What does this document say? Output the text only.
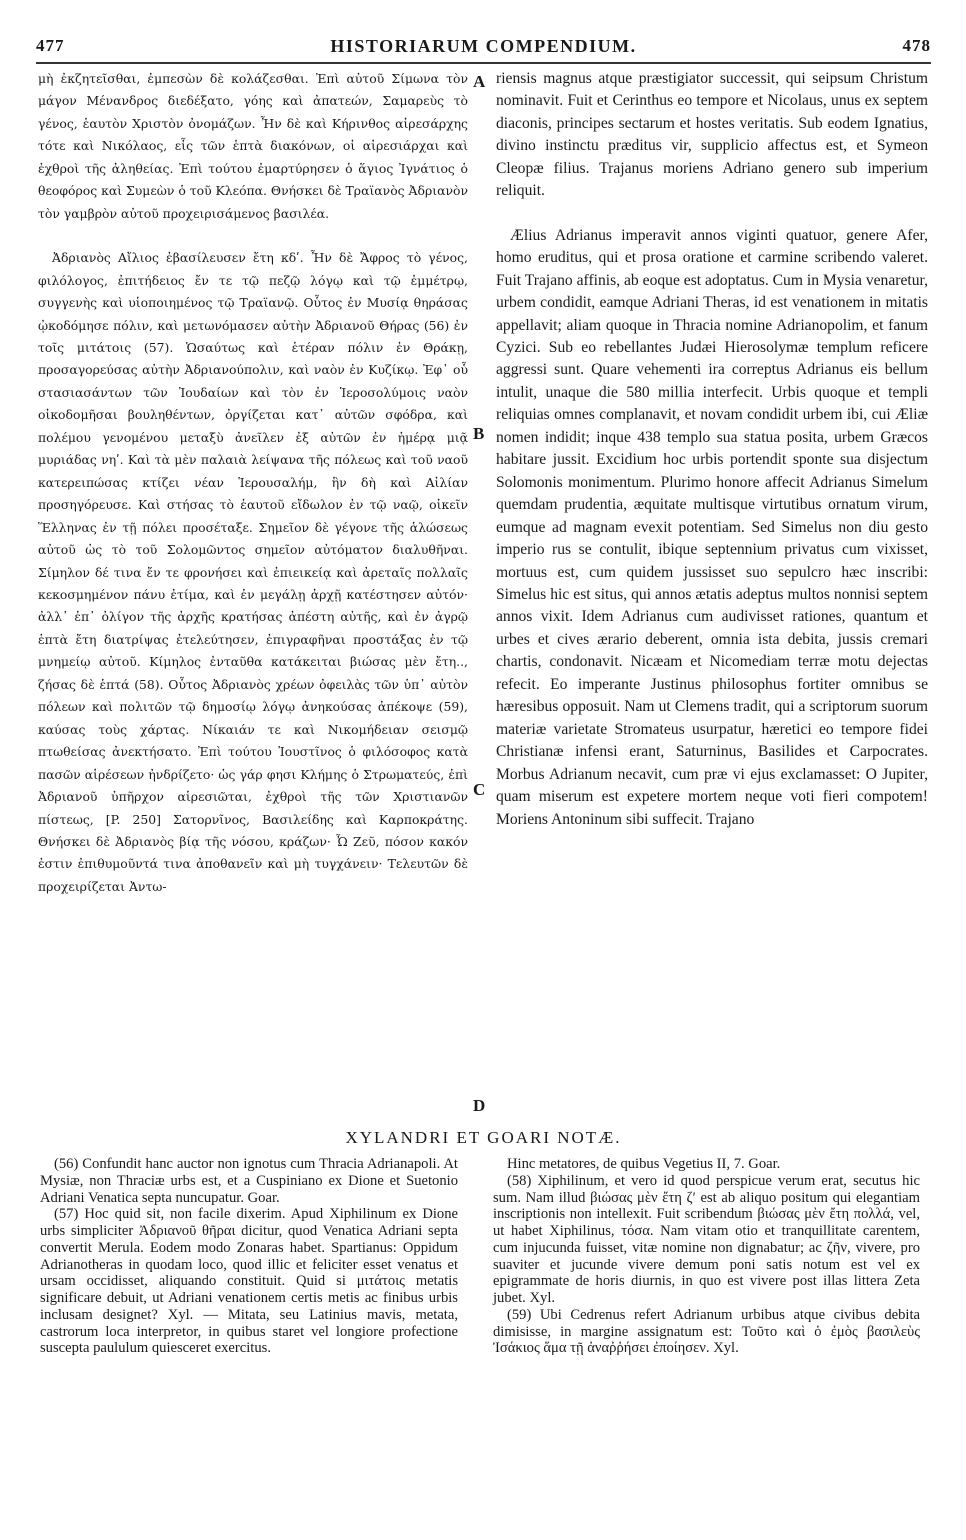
477	HISTORIARUM COMPENDIUM.	478

μὴ ἐκζητεῖσθαι, ἐμπεσὼν δὲ κολάζεσθαι. Ἐπὶ αὐτοῦ Σίμωνα τὸν μάγον Μένανδρος διεδέξατο, γόης καὶ ἀπατεών, Σαμαρεὺς τὸ γένος, ἑαυτὸν Χριστὸν ὀνομάζων. Ἦν δὲ καὶ Κήρινθος αἱρεσάρχης τότε καὶ Νικόλαος, εἷς τῶν ἑπτὰ διακόνων, οἱ αἱρεσιάρχαι καὶ ἐχθροὶ τῆς ἀληθείας. Ἐπὶ τούτου ἐμαρτύρησεν ὁ ἅγιος Ἰγνάτιος ὁ θεοφόρος καὶ Συμεὼν ὁ τοῦ Κλεόπα. Θνήσκει δὲ Τραϊανὸς Ἀδριανὸν τὸν γαμβρὸν αὐτοῦ προχειρισάμενος βασιλέα.

Ἀδριανὸς Αἴλιος ἐβασίλευσεν ἔτη κδʹ. Ἦν δὲ Ἄφρος τὸ γένος, φιλόλογος, ἐπιτήδειος ἔν τε τῷ πεζῷ λόγῳ καὶ τῷ ἐμμέτρῳ, συγγενὴς καὶ υἱοποιημένος τῷ Τραϊανῷ. Οὗτος ἐν Μυσίᾳ θηράσας ᾠκοδόμησε πόλιν, καὶ μετωνόμασεν αὐτὴν Ἀδριανοῦ Θήρας (56) ἐν τοῖς μιτάτοις (57). Ὡσαύτως καὶ ἑτέραν πόλιν ἐν Θράκῃ, προσαγορεύσας αὐτὴν Ἀδριανούπολιν, καὶ ναὸν ἐν Κυζίκῳ. Ἐφ᾽ οὗ στασιασάντων τῶν Ἰουδαίων καὶ τὸν ἐν Ἱεροσολύμοις ναὸν οἰκοδομῆσαι βουληθέντων, ὀργίζεται κατ᾽ αὐτῶν σφόδρα, καὶ πολέμου γενομένου μεταξὺ ἀνεῖλεν ἐξ αὐτῶν ἐν ἡμέρᾳ μιᾷ μυριάδας νηʹ. Καὶ τὰ μὲν παλαιὰ λείψανα τῆς πόλεως καὶ τοῦ ναοῦ κατερειπώσας κτίζει νέαν Ἱερουσαλήμ, ἣν δὴ καὶ Αἰλίαν προσηγόρευσε. Καὶ στήσας τὸ ἑαυτοῦ εἴδωλον ἐν τῷ ναῷ, οἰκεῖν Ἕλληνας ἐν τῇ πόλει προσέταξε. Σημεῖον δὲ γέγονε τῆς ἁλώσεως αὐτοῦ ὡς τὸ τοῦ Σολομῶντος σημεῖον αὐτόματον διαλυθῆναι. Σίμηλον δέ τινα ἔν τε φρονήσει καὶ ἐπιεικείᾳ καὶ ἀρεταῖς πολλαῖς κεκοσμημένον πάνυ ἐτίμα, καὶ ἐν μεγάλῃ ἀρχῇ κατέστησεν αὐτόν· ἀλλ᾽ ἐπ᾽ ὀλίγον τῆς ἀρχῆς κρατήσας ἀπέστη αὐτῆς, καὶ ἐν ἀγρῷ ἑπτὰ ἔτη διατρίψας ἐτελεύτησεν, ἐπιγραφῆναι προστάξας ἐν τῷ μνημείῳ αὐτοῦ. Κίμηλος ἐνταῦθα κατάκειται βιώσας μὲν ἔτη.., ζήσας δὲ ἑπτά (58). Οὗτος Ἀδριανὸς χρέων ὀφειλὰς τῶν ὑπ᾽ αὐτὸν πόλεων καὶ πολιτῶν τῷ δημοσίῳ λόγῳ ἀνηκούσας ἀπέκοψε (59), καύσας τοὺς χάρτας. Νίκαιάν τε καὶ Νικομήδειαν σεισμῷ πτωθείσας ἀνεκτήσατο. Ἐπὶ τούτου Ἰουστῖνος ὁ φιλόσοφος κατὰ πασῶν αἱρέσεων ἠνδρίζετο· ὡς γάρ φησι Κλήμης ὁ Στρωματεύς, ἐπὶ Ἀδριανοῦ ὑπῆρχον αἱρεσιῶται, ἐχθροὶ τῆς τῶν Χριστιανῶν πίστεως, [P. 250] Σατορνῖνος, Βασιλείδης καὶ Καρποκράτης. Θνήσκει δὲ Ἀδριανὸς βίᾳ τῆς νόσου, κράζων· Ὦ Ζεῦ, πόσον κακόν ἐστιν ἐπιθυμοῦντά τινα ἀποθανεῖν καὶ μὴ τυγχάνειν· Τελευτῶν δὲ προχειρίζεται Ἀντω-

A
B
C
D

riensis magnus atque præstigiator successit, qui seipsum Christum nominavit. Fuit et Cerinthus eo tempore et Nicolaus, unus ex septem diaconis, principes sectarum et hostes veritatis. Sub eodem Ignatius, divino instinctu præditus vir, supplicio affectus est, et Symeon Cleopæ filius. Trajanus moriens Adriano genero sub imperium reliquit.

Ælius Adrianus imperavit annos viginti quatuor, genere Afer, homo eruditus, qui et prosa oratione et carmine scribendo valeret. Fuit Trajano affinis, ab eoque est adoptatus. Cum in Mysia venaretur, urbem condidit, eamque Adriani Theras, id est venationem in mitatis appellavit; aliam quoque in Thracia nomine Adrianopolim, et fanum Cyzici. Sub eo rebellantes Judæi Hierosolymæ templum reficere aggressi sunt. Quare vehementi ira correptus Adrianus eis bellum intulit, unaque die 580 millia interfecit. Urbis quoque et templi reliquias omnes complanavit, et novam condidit urbem ibi, cui Æliæ nomen indidit; inque 438 templo sua statua posita, urbem Græcos habitare jussit. Excidium hoc urbis portendit sponte sua disjectum Solomonis monimentum. Plurimo honore affecit Adrianus Simelum quemdam prudentia, æquitate multisque virtutibus ornatum virum, eumque ad magnam evexit potentiam. Sed Simelus non diu gesto imperio rus se contulit, ibique septennium privatus cum vixisset, mortuus est, cum quidem jussisset suo sepulcro hæc inscribi: Simelus hic est situs, qui annos ætatis adeptus multos nonnisi septem annos vixit. Idem Adrianus cum audivisset rationes, quantum et urbes et cives ærario deberent, omnia ista debita, jussis cremari chartis, condonavit. Nicæam et Nicomediam terræ motu dejectas refecit. Eo imperante Justinus philosophus fortiter omnibus se hæresibus opposuit. Nam ut Clemens tradit, qui a scriptorum suorum materiæ varietate Stromateus usurpatur, hæretici eo tempore fidei Christianæ infensi erant, Saturninus, Basilides et Carpocrates. Morbus Adrianum necavit, cum præ vi ejus exclamasset: O Jupiter, quam miserum est expetere mortem neque voti fieri compotem! Moriens Antoninum sibi suffecit. Trajano

XYLANDRI ET GOARI NOTÆ.

(56) Confundit hanc auctor non ignotus cum Thracia Adrianapoli. At Mysiæ, non Thraciæ urbs est, et a Cuspiniano ex Dione et Suetonio Adriani Venatica septa nuncupatur. Goar.

(57) Hoc quid sit, non facile dixerim. Apud Xiphilinum ex Dione urbs simpliciter Ἀδριανοῦ θῆραι dicitur, quod Venatica Adriani septa convertit Merula. Eodem modo Zonaras habet. Spartianus: Oppidum Adrianotheras in quodam loco, quod illic et feliciter esset venatus et ursam occidisset, aliquando constituit. Quid si μιτάτοις metatis significare debuit, ut Adriani venationem certis metis ac finibus urbis inclusam designet? Xyl. — Mitata, seu Latinius mavis, metata, castrorum loca interpretor, in quibus staret vel longiore profectione suscepta paululum quiesceret exercitus.

Hinc metatores, de quibus Vegetius II, 7. Goar.

(58) Xiphilinum, et vero id quod perspicue verum erat, secutus hic sum. Nam illud βιώσας μὲν ἔτη ζʹ est ab aliquo positum qui elegantiam inscriptionis non intellexit. Fuit scribendum βιώσας μὲν ἔτη πολλά, vel, ut habet Xiphilinus, τόσα. Nam vitam otio et tranquillitate carentem, cum injucunda fuisset, vitæ nomine non dignabatur; ac ζῆν, vivere, pro suaviter et jucunde vivere demum poni satis notum est vel ex epigrammate de horis diurnis, in quo est vivere post illas littera Zeta jubet. Xyl.

(59) Ubi Cedrenus refert Adrianum urbibus atque civibus debita dimisisse, in margine assignatum est: Τοῦτο καὶ ὁ ἐμὸς βασιλεὺς Ἰσάκιος ἅμα τῇ ἀναῤῥήσει ἐποίησεν. Xyl.
